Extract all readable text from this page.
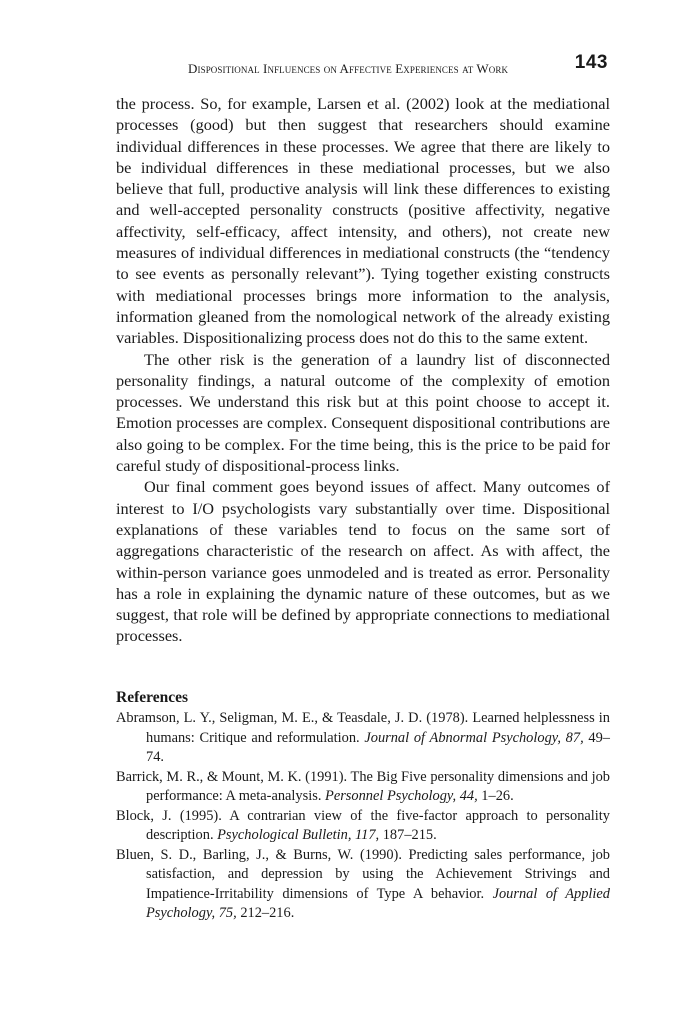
Dispositional Influences on Affective Experiences at Work	143

the process. So, for example, Larsen et al. (2002) look at the mediational processes (good) but then suggest that researchers should examine individual differences in these processes. We agree that there are likely to be individual differences in these mediational processes, but we also believe that full, productive analysis will link these differences to existing and well-accepted personality constructs (positive affectivity, negative affectivity, self-efficacy, affect intensity, and others), not create new measures of individual differences in mediational constructs (the “tendency to see events as personally relevant”). Tying together existing constructs with mediational processes brings more information to the analysis, information gleaned from the nomological network of the already existing variables. Dispositionalizing process does not do this to the same extent.

The other risk is the generation of a laundry list of disconnected personality findings, a natural outcome of the complexity of emotion processes. We understand this risk but at this point choose to accept it. Emotion processes are complex. Consequent dispositional contributions are also going to be complex. For the time being, this is the price to be paid for careful study of dispositional-process links.

Our final comment goes beyond issues of affect. Many outcomes of interest to I/O psychologists vary substantially over time. Dispositional explanations of these variables tend to focus on the same sort of aggregations characteristic of the research on affect. As with affect, the within-person variance goes unmodeled and is treated as error. Personality has a role in explaining the dynamic nature of these outcomes, but as we suggest, that role will be defined by appropriate connections to mediational processes.

References

Abramson, L. Y., Seligman, M. E., & Teasdale, J. D. (1978). Learned helplessness in humans: Critique and reformulation. Journal of Abnormal Psychology, 87, 49–74.

Barrick, M. R., & Mount, M. K. (1991). The Big Five personality dimensions and job performance: A meta-analysis. Personnel Psychology, 44, 1–26.

Block, J. (1995). A contrarian view of the five-factor approach to personality description. Psychological Bulletin, 117, 187–215.

Bluen, S. D., Barling, J., & Burns, W. (1990). Predicting sales performance, job satisfaction, and depression by using the Achievement Strivings and Impatience-Irritability dimensions of Type A behavior. Journal of Applied Psychology, 75, 212–216.
